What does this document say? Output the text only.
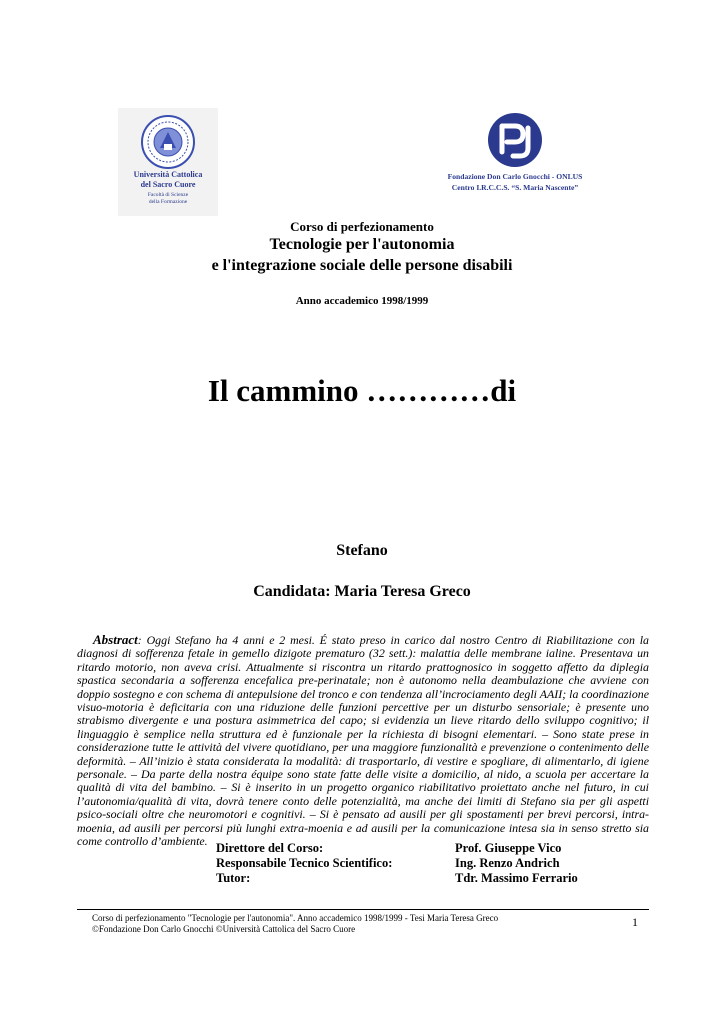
Università Cattolica
del Sacro Cuore
Facoltà di Scienze
della Formazione
Fondazione Don Carlo Gnocchi - ONLUS
Centro I.R.C.C.S. “S. Maria Nascente”
Corso di perfezionamento
Tecnologie per l'autonomia
e l'integrazione sociale delle persone disabili
Anno accademico 1998/1999
Il cammino …………di
Stefano
Candidata: Maria Teresa Greco

Abstract: Oggi Stefano ha 4 anni e 2 mesi. É stato preso in carico dal nostro Centro di Riabilitazione con la diagnosi di sofferenza fetale in gemello dizigote prematuro (32 sett.): malattia delle membrane ialine. Presentava un ritardo motorio, non aveva crisi. Attualmente si riscontra un ritardo prattognosico in soggetto affetto da diplegia spastica secondaria a sofferenza encefalica pre-perinatale; non è autonomo nella deambulazione che avviene con doppio sostegno e con schema di antepulsione del tronco e con tendenza all’incrociamento degli AAII; la coordinazione visuo-motoria è deficitaria con una riduzione delle funzioni percettive per un disturbo sensoriale; è presente uno strabismo divergente e una postura asimmetrica del capo; si evidenzia un lieve ritardo dello sviluppo cognitivo; il linguaggio è semplice nella struttura ed è funzionale per la richiesta di bisogni elementari. – Sono state prese in considerazione tutte le attività del vivere quotidiano, per una maggiore funzionalità e prevenzione o contenimento delle deformità. – All’inizio è stata considerata la modalità: di trasportarlo, di vestire e spogliare, di alimentarlo, di igiene personale. – Da parte della nostra équipe sono state fatte delle visite a domicilio, al nido, a scuola per accertare la qualità di vita del bambino. – Si è inserito in un progetto organico riabilitativo proiettato anche nel futuro, in cui l’autonomia/qualità di vita, dovrà tenere conto delle potenzialità, ma anche dei limiti di Stefano sia per gli aspetti psico-sociali oltre che neuromotori e cognitivi. – Si è pensato ad ausili per gli spostamenti per brevi percorsi, intra-moenia, ad ausili per percorsi più lunghi extra-moenia e ad ausili per la comunicazione intesa sia in senso stretto sia come controllo d’ambiente. Direttore del Corso:	Prof. Giuseppe Vico
Responsabile Tecnico Scientifico:	Ing. Renzo Andrich
Tutor:	Tdr. Massimo Ferrario
Corso di perfezionamento "Tecnologie per l'autonomia". Anno accademico 1998/1999 - Tesi Maria Teresa Greco
©Fondazione Don Carlo Gnocchi ©Università Cattolica del Sacro Cuore	1
